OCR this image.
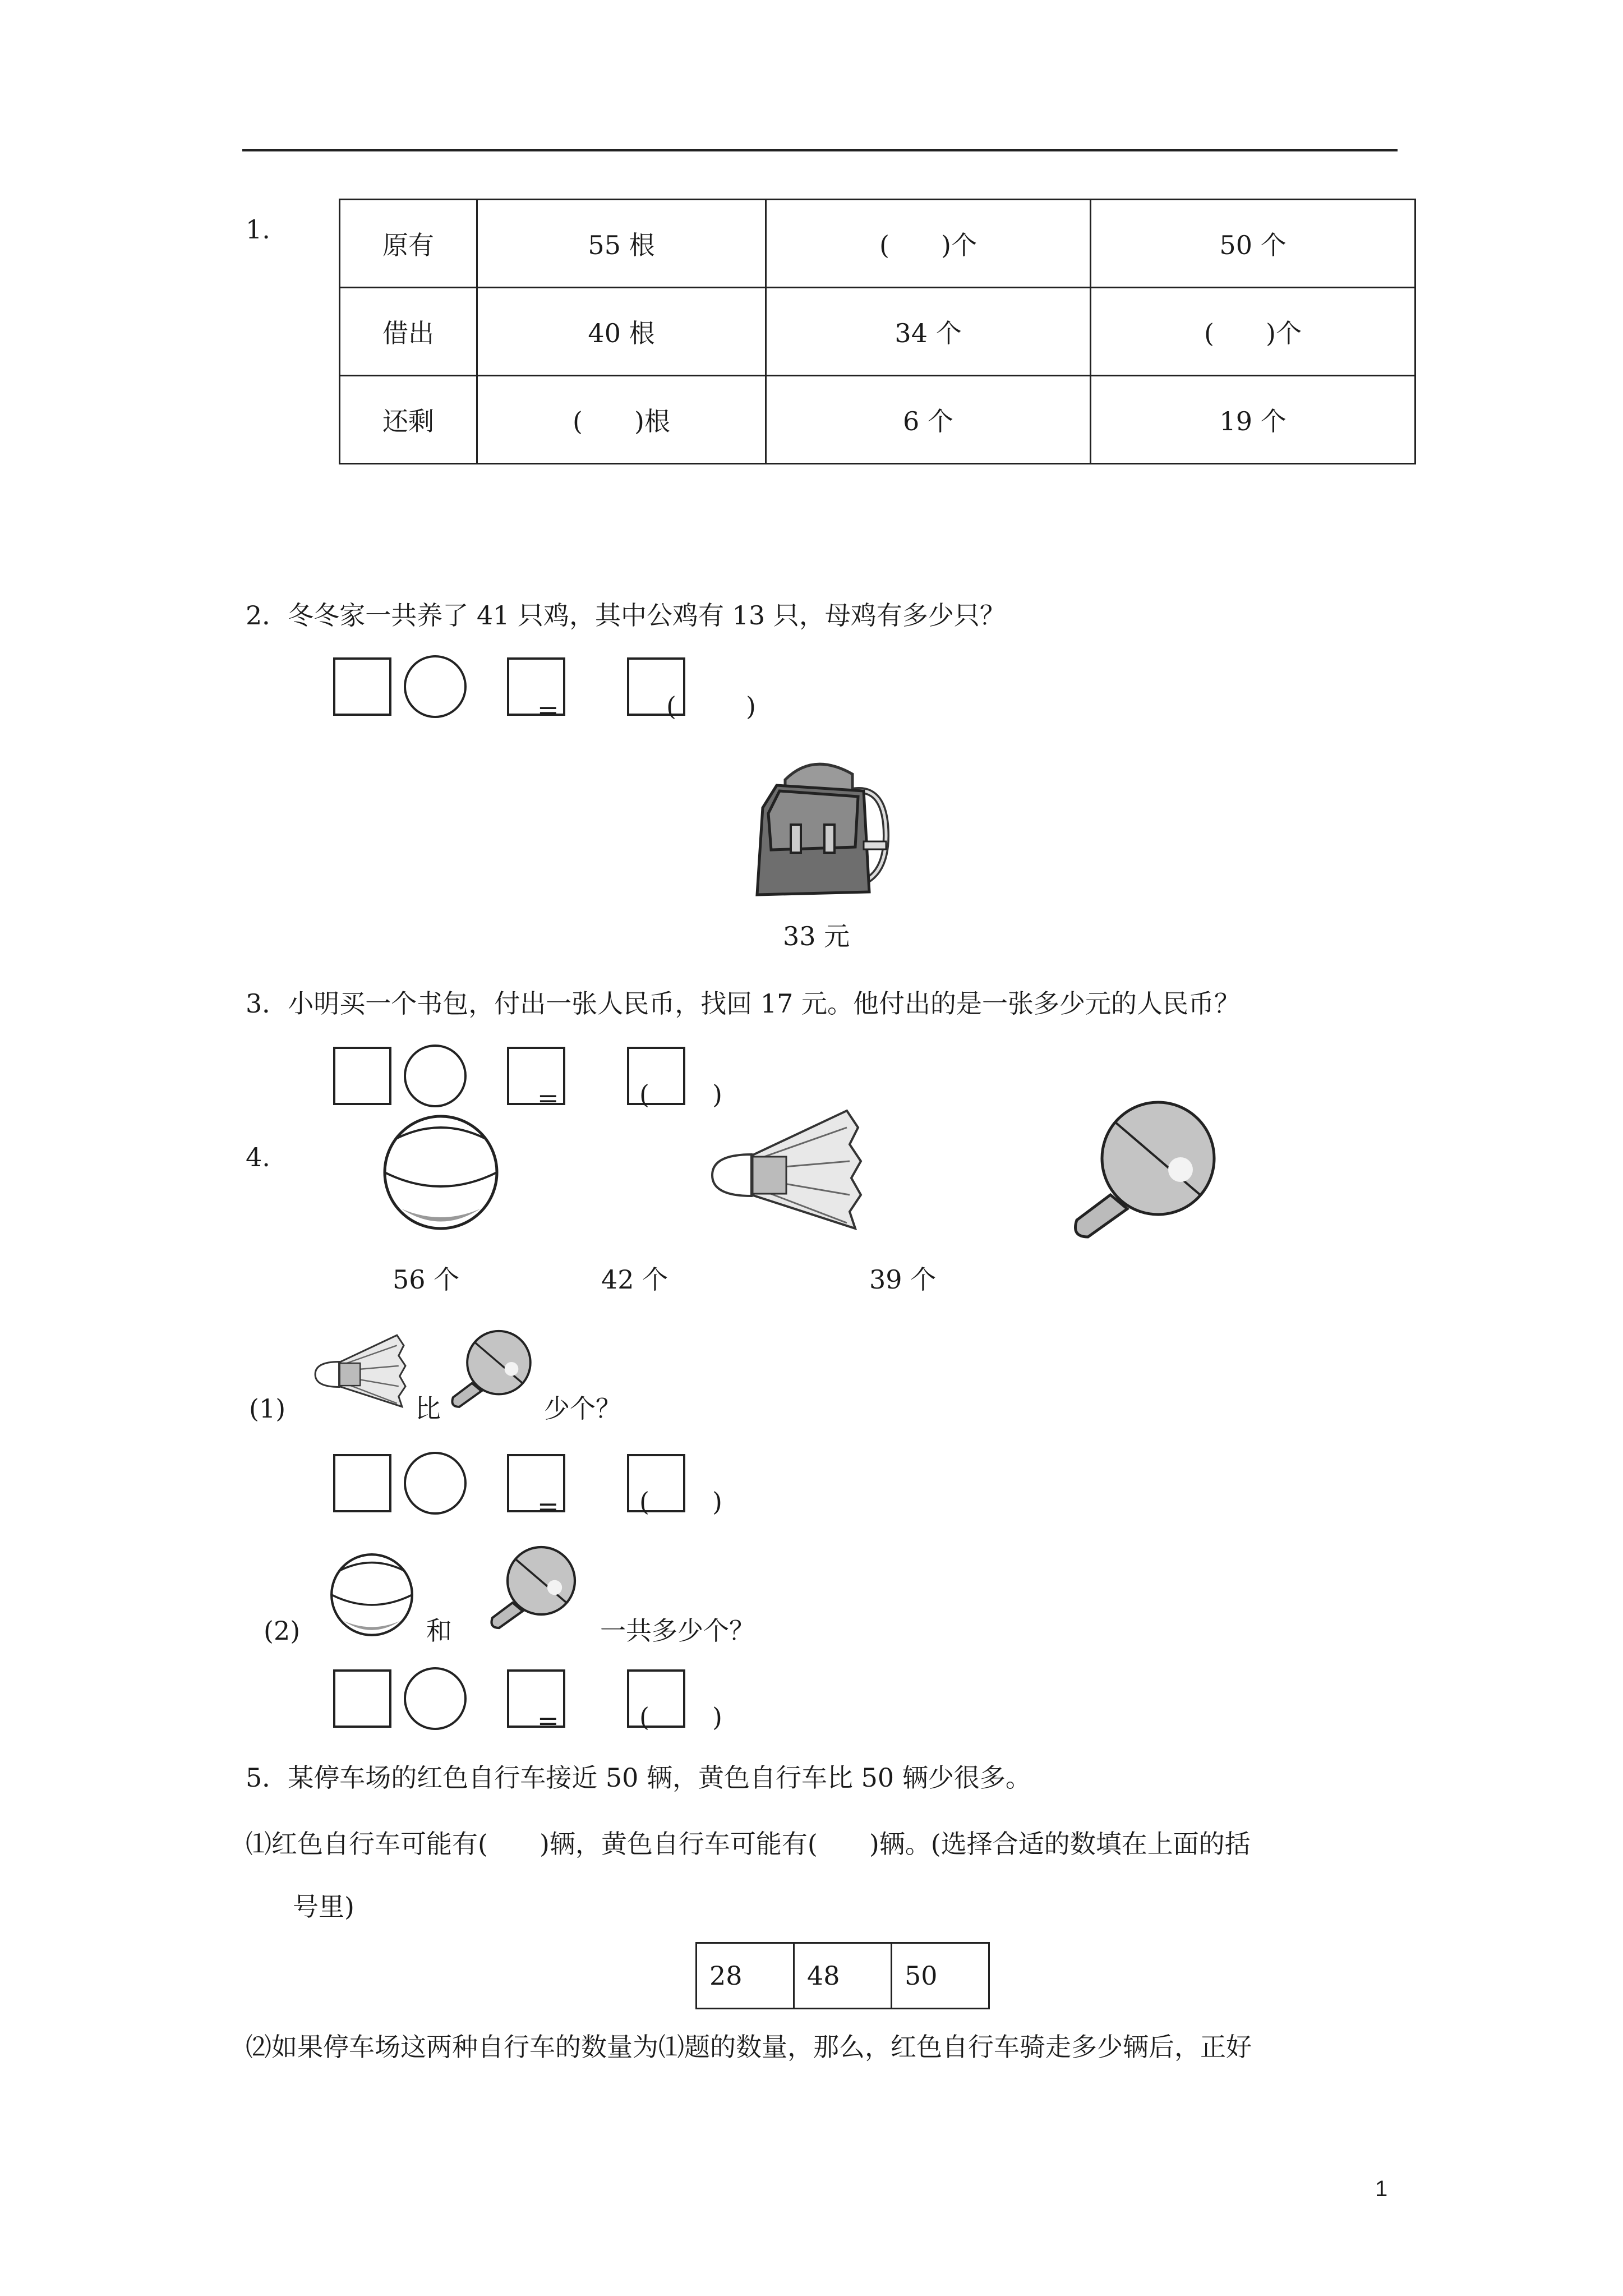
1.
原有	55 根	(　　)个	50 个
借出	40 根	34 个	(　　)个
还剩	(　　)根	6 个	19 个
2．冬冬家一共养了 41 只鸡，其中公鸡有 13 只，母鸡有多少只？
=	(	)
33 元
3．小明买一个书包，付出一张人民币，找回 17 元。他付出的是一张多少元的人民币？
=	( )
4.
56 个	42 个	39 个
(1)	比	少个？
=	( )
(2)	和	一共多少个？
=	( )
5．某停车场的红色自行车接近 50 辆，黄色自行车比 50 辆少很多。
⑴红色自行车可能有(　　)辆，黄色自行车可能有(　　)辆。(选择合适的数填在上面的括
号里)
28	48	50
⑵如果停车场这两种自行车的数量为⑴题的数量，那么，红色自行车骑走多少辆后，正好
1
